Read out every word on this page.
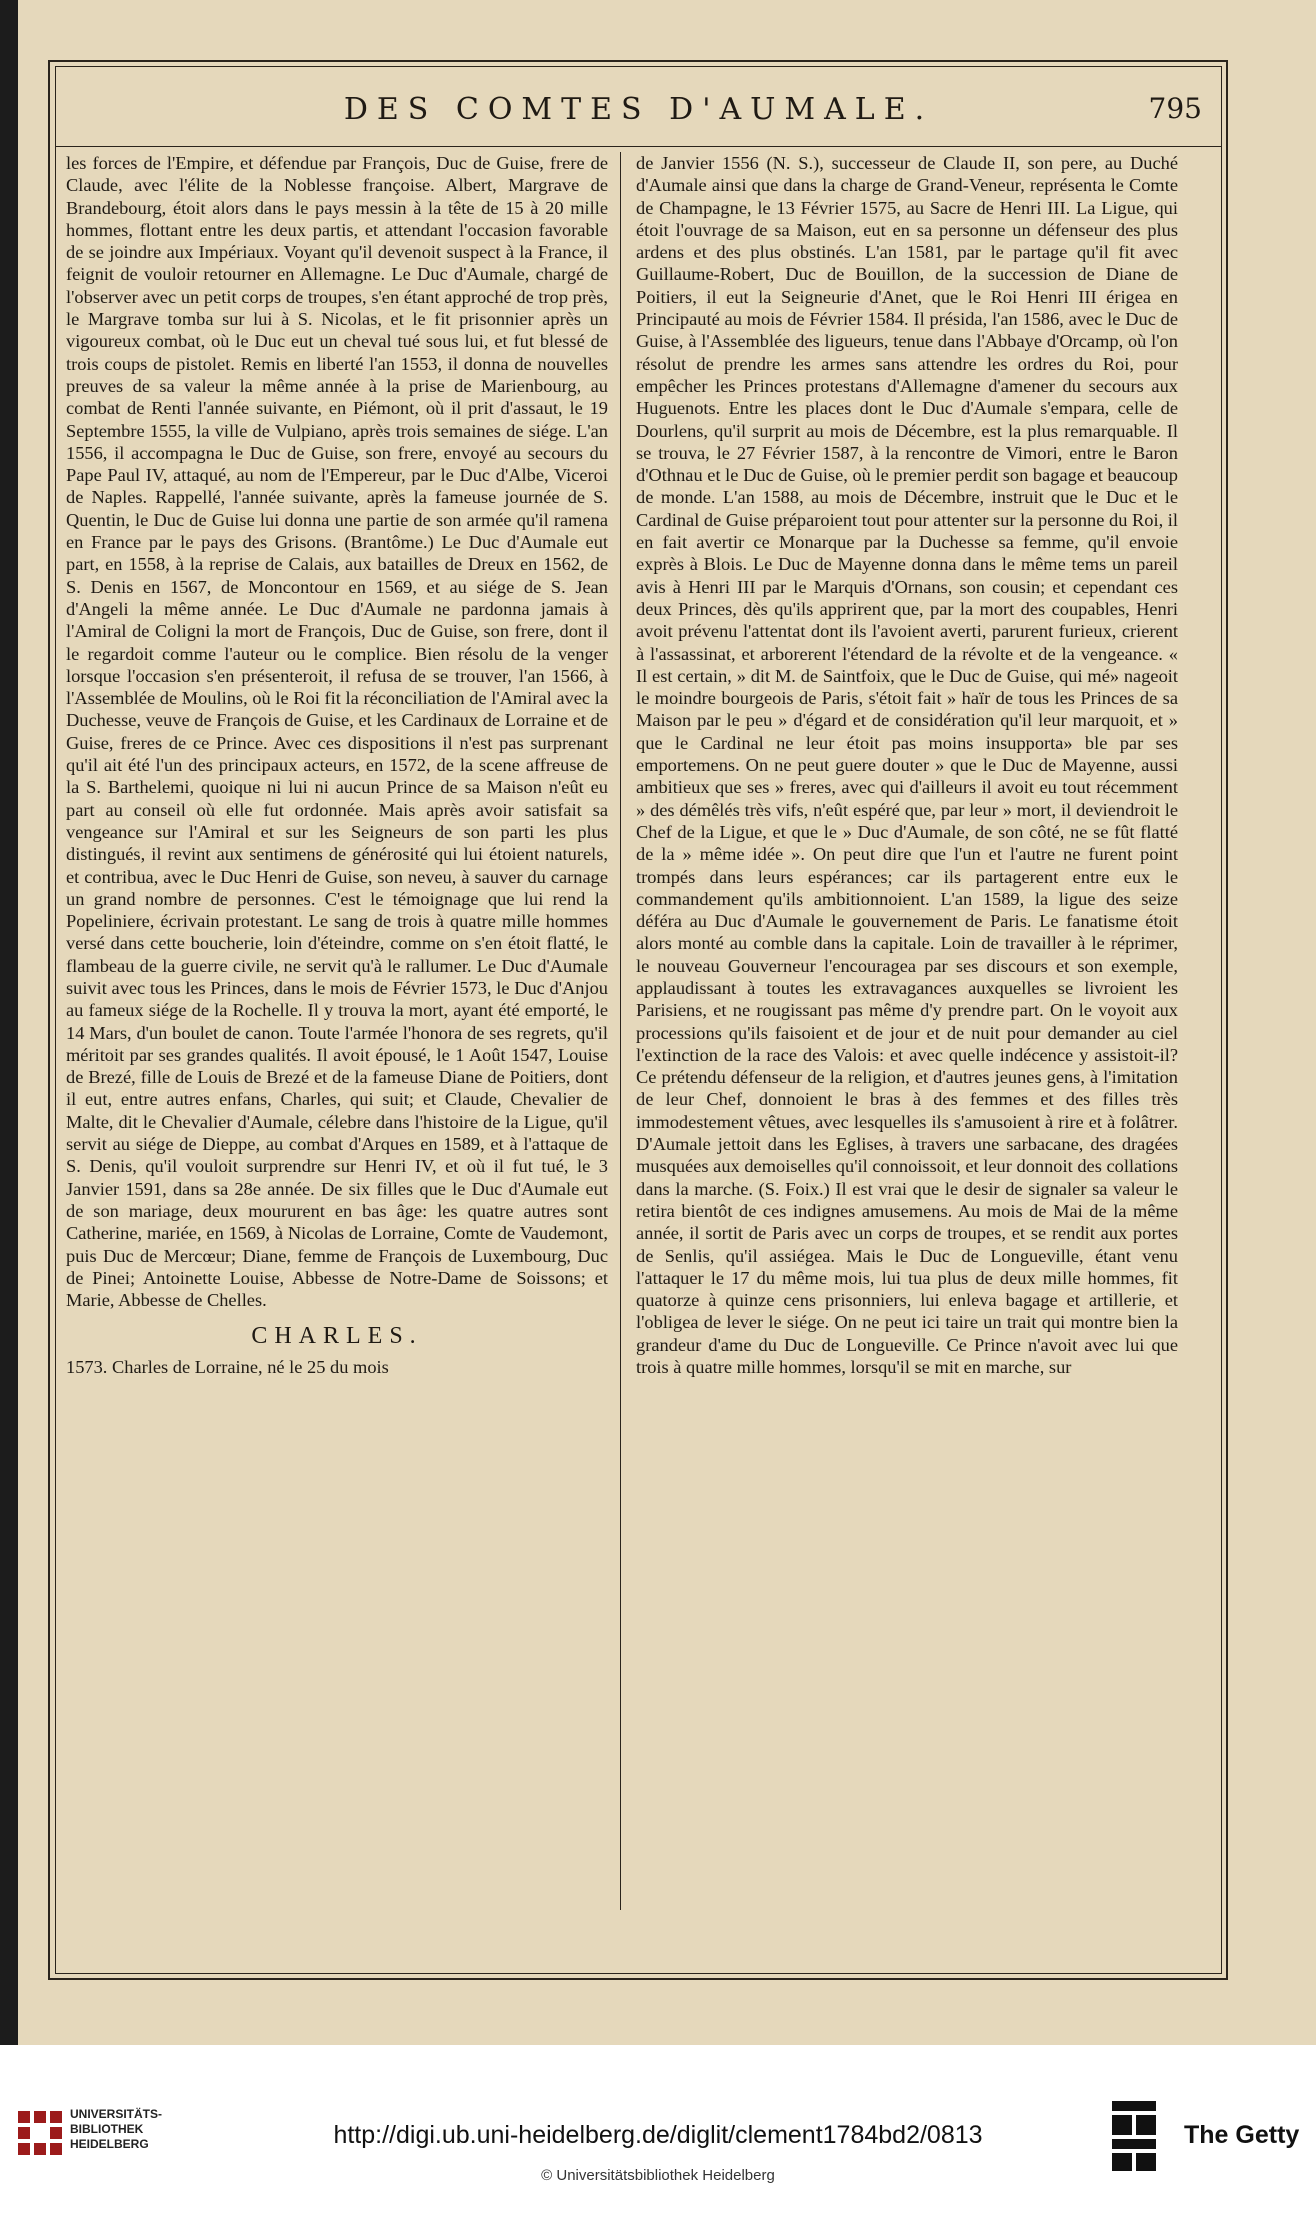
DES COMTES D'AUMALE.	795

les forces de l'Empire, et défendue par François, Duc de Guise, frere de Claude, avec l'élite de la Noblesse françoise. Albert, Margrave de Brandebourg, étoit alors dans le pays messin à la tête de 15 à 20 mille hommes, flottant entre les deux partis, et attendant l'occasion favorable de se joindre aux Impériaux. Voyant qu'il devenoit suspect à la France, il feignit de vouloir retourner en Allemagne. Le Duc d'Aumale, chargé de l'observer avec un petit corps de troupes, s'en étant approché de trop près, le Margrave tomba sur lui à S. Nicolas, et le fit prisonnier après un vigoureux combat, où le Duc eut un cheval tué sous lui, et fut blessé de trois coups de pistolet. Remis en liberté l'an 1553, il donna de nouvelles preuves de sa valeur la même année à la prise de Marienbourg, au combat de Renti l'année suivante, en Piémont, où il prit d'assaut, le 19 Septembre 1555, la ville de Vulpiano, après trois semaines de siége. L'an 1556, il accompagna le Duc de Guise, son frere, envoyé au secours du Pape Paul IV, attaqué, au nom de l'Empereur, par le Duc d'Albe, Viceroi de Naples. Rappellé, l'année suivante, après la fameuse journée de S. Quentin, le Duc de Guise lui donna une partie de son armée qu'il ramena en France par le pays des Grisons. (Brantôme.) Le Duc d'Aumale eut part, en 1558, à la reprise de Calais, aux batailles de Dreux en 1562, de S. Denis en 1567, de Moncontour en 1569, et au siége de S. Jean d'Angeli la même année. Le Duc d'Aumale ne pardonna jamais à l'Amiral de Coligni la mort de François, Duc de Guise, son frere, dont il le regardoit comme l'auteur ou le complice. Bien résolu de la venger lorsque l'occasion s'en présenteroit, il refusa de se trouver, l'an 1566, à l'Assemblée de Moulins, où le Roi fit la réconciliation de l'Amiral avec la Duchesse, veuve de François de Guise, et les Cardinaux de Lorraine et de Guise, freres de ce Prince. Avec ces dispositions il n'est pas surprenant qu'il ait été l'un des principaux acteurs, en 1572, de la scene affreuse de la S. Barthelemi, quoique ni lui ni aucun Prince de sa Maison n'eût eu part au conseil où elle fut ordonnée. Mais après avoir satisfait sa vengeance sur l'Amiral et sur les Seigneurs de son parti les plus distingués, il revint aux sentimens de générosité qui lui étoient naturels, et contribua, avec le Duc Henri de Guise, son neveu, à sauver du carnage un grand nombre de personnes. C'est le témoignage que lui rend la Popeliniere, écrivain protestant. Le sang de trois à quatre mille hommes versé dans cette boucherie, loin d'éteindre, comme on s'en étoit flatté, le flambeau de la guerre civile, ne servit qu'à le rallumer. Le Duc d'Aumale suivit avec tous les Princes, dans le mois de Février 1573, le Duc d'Anjou au fameux siége de la Rochelle. Il y trouva la mort, ayant été emporté, le 14 Mars, d'un boulet de canon. Toute l'armée l'honora de ses regrets, qu'il méritoit par ses grandes qualités. Il avoit épousé, le 1 Août 1547, Louise de Brezé, fille de Louis de Brezé et de la fameuse Diane de Poitiers, dont il eut, entre autres enfans, Charles, qui suit; et Claude, Chevalier de Malte, dit le Chevalier d'Aumale, célebre dans l'histoire de la Ligue, qu'il servit au siége de Dieppe, au combat d'Arques en 1589, et à l'attaque de S. Denis, qu'il vouloit surprendre sur Henri IV, et où il fut tué, le 3 Janvier 1591, dans sa 28e année. De six filles que le Duc d'Aumale eut de son mariage, deux moururent en bas âge: les quatre autres sont Catherine, mariée, en 1569, à Nicolas de Lorraine, Comte de Vaudemont, puis Duc de Mercœur; Diane, femme de François de Luxembourg, Duc de Pinei; Antoinette Louise, Abbesse de Notre-Dame de Soissons; et Marie, Abbesse de Chelles.

CHARLES.

1573. Charles de Lorraine, né le 25 du mois

de Janvier 1556 (N. S.), successeur de Claude II, son pere, au Duché d'Aumale ainsi que dans la charge de Grand-Veneur, représenta le Comte de Champagne, le 13 Février 1575, au Sacre de Henri III. La Ligue, qui étoit l'ouvrage de sa Maison, eut en sa personne un défenseur des plus ardens et des plus obstinés. L'an 1581, par le partage qu'il fit avec Guillaume-Robert, Duc de Bouillon, de la succession de Diane de Poitiers, il eut la Seigneurie d'Anet, que le Roi Henri III érigea en Principauté au mois de Février 1584. Il présida, l'an 1586, avec le Duc de Guise, à l'Assemblée des ligueurs, tenue dans l'Abbaye d'Orcamp, où l'on résolut de prendre les armes sans attendre les ordres du Roi, pour empêcher les Princes protestans d'Allemagne d'amener du secours aux Huguenots. Entre les places dont le Duc d'Aumale s'empara, celle de Dourlens, qu'il surprit au mois de Décembre, est la plus remarquable. Il se trouva, le 27 Février 1587, à la rencontre de Vimori, entre le Baron d'Othnau et le Duc de Guise, où le premier perdit son bagage et beaucoup de monde. L'an 1588, au mois de Décembre, instruit que le Duc et le Cardinal de Guise préparoient tout pour attenter sur la personne du Roi, il en fait avertir ce Monarque par la Duchesse sa femme, qu'il envoie exprès à Blois. Le Duc de Mayenne donna dans le même tems un pareil avis à Henri III par le Marquis d'Ornans, son cousin; et cependant ces deux Princes, dès qu'ils apprirent que, par la mort des coupables, Henri avoit prévenu l'attentat dont ils l'avoient averti, parurent furieux, crierent à l'assassinat, et arborerent l'étendard de la révolte et de la vengeance. « Il est certain, » dit M. de Saintfoix, que le Duc de Guise, qui mé» nageoit le moindre bourgeois de Paris, s'étoit fait » haïr de tous les Princes de sa Maison par le peu » d'égard et de considération qu'il leur marquoit, et » que le Cardinal ne leur étoit pas moins insupporta» ble par ses emportemens. On ne peut guere douter » que le Duc de Mayenne, aussi ambitieux que ses » freres, avec qui d'ailleurs il avoit eu tout récemment » des démêlés très vifs, n'eût espéré que, par leur » mort, il deviendroit le Chef de la Ligue, et que le » Duc d'Aumale, de son côté, ne se fût flatté de la » même idée ». On peut dire que l'un et l'autre ne furent point trompés dans leurs espérances; car ils partagerent entre eux le commandement qu'ils ambitionnoient. L'an 1589, la ligue des seize déféra au Duc d'Aumale le gouvernement de Paris. Le fanatisme étoit alors monté au comble dans la capitale. Loin de travailler à le réprimer, le nouveau Gouverneur l'encourageа par ses discours et son exemple, applaudissant à toutes les extravagances auxquelles se livroient les Parisiens, et ne rougissant pas même d'y prendre part. On le voyoit aux processions qu'ils faisoient et de jour et de nuit pour demander au ciel l'extinction de la race des Valois: et avec quelle indécence y assistoit-il? Ce prétendu défenseur de la religion, et d'autres jeunes gens, à l'imitation de leur Chef, donnoient le bras à des femmes et des filles très immodestement vêtues, avec lesquelles ils s'amusoient à rire et à folâtrer. D'Aumale jettoit dans les Eglises, à travers une sarbacane, des dragées musquées aux demoiselles qu'il connoissoit, et leur donnoit des collations dans la marche. (S. Foix.) Il est vrai que le desir de signaler sa valeur le retira bientôt de ces indignes amusemens. Au mois de Mai de la même année, il sortit de Paris avec un corps de troupes, et se rendit aux portes de Senlis, qu'il assiégea. Mais le Duc de Longueville, étant venu l'attaquer le 17 du même mois, lui tua plus de deux mille hommes, fit quatorze à quinze cens prisonniers, lui enleva bagage et artillerie, et l'obligea de lever le siége. On ne peut ici taire un trait qui montre bien la grandeur d'ame du Duc de Longueville. Ce Prince n'avoit avec lui que trois à quatre mille hommes, lorsqu'il se mit en marche, sur

UNIVERSITÄTS-
BIBLIOTHEK
HEIDELBERG	http://digi.ub.uni-heidelberg.de/diglit/clement1784bd2/0813
© Universitätsbibliothek Heidelberg
The Getty
